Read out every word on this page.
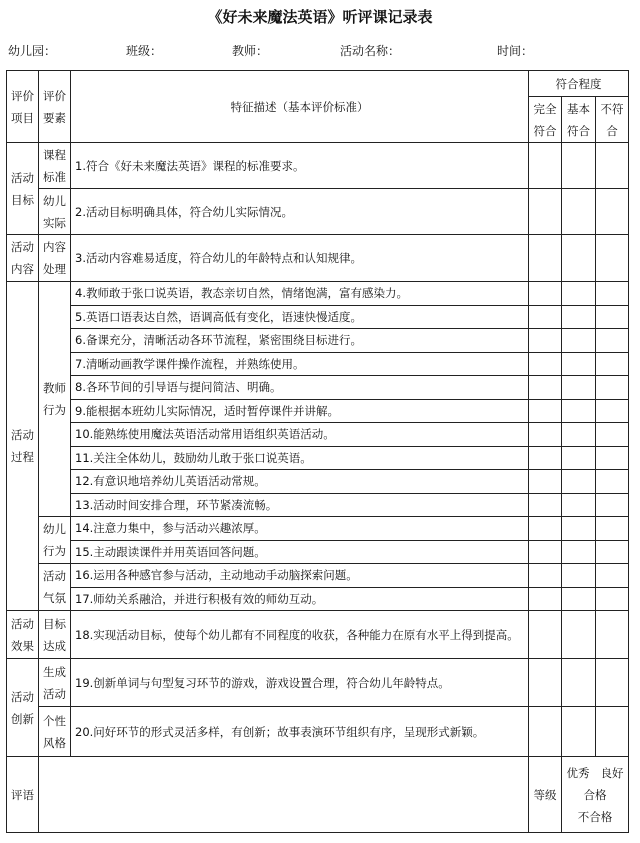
《好未来魔法英语》听评课记录表
幼儿园：	班级：	教师：	活动名称：	时间：
评价项目	评价要素	特征描述（基本评价标准）	符合程度		
			完全符合	基本符合	不符合
活动目标	课程标准	1.符合《好未来魔法英语》课程的标准要求。			
	幼儿实际	2.活动目标明确具体，符合幼儿实际情况。			
活动内容	内容处理	3.活动内容难易适度，符合幼儿的年龄特点和认知规律。			
活动过程	教师行为	4.教师敢于张口说英语，教态亲切自然，情绪饱满，富有感染力。			
		5.英语口语表达自然，语调高低有变化，语速快慢适度。			
		6.备课充分，清晰活动各环节流程，紧密围绕目标进行。			
		7.清晰动画教学课件操作流程，并熟练使用。			
		8.各环节间的引导语与提问简洁、明确。			
		9.能根据本班幼儿实际情况，适时暂停课件并讲解。			
		10.能熟练使用魔法英语活动常用语组织英语活动。			
		11.关注全体幼儿，鼓励幼儿敢于张口说英语。			
		12.有意识地培养幼儿英语活动常规。			
		13.活动时间安排合理，环节紧凑流畅。			
	幼儿行为	14.注意力集中，参与活动兴趣浓厚。			
		15.主动跟读课件并用英语回答问题。			
	活动气氛	16.运用各种感官参与活动，主动地动手动脑探索问题。			
		17.师幼关系融洽，并进行积极有效的师幼互动。			
活动效果	目标达成	18.实现活动目标，使每个幼儿都有不同程度的收获，各种能力在原有水平上得到提高。			
活动创新	生成活动	19.创新单词与句型复习环节的游戏，游戏设置合理，符合幼儿年龄特点。			
	个性风格	20.问好环节的形式灵活多样，有创新；故事表演环节组织有序，呈现形式新颖。			
评语			等级	优秀 良好
合格
不合格	
